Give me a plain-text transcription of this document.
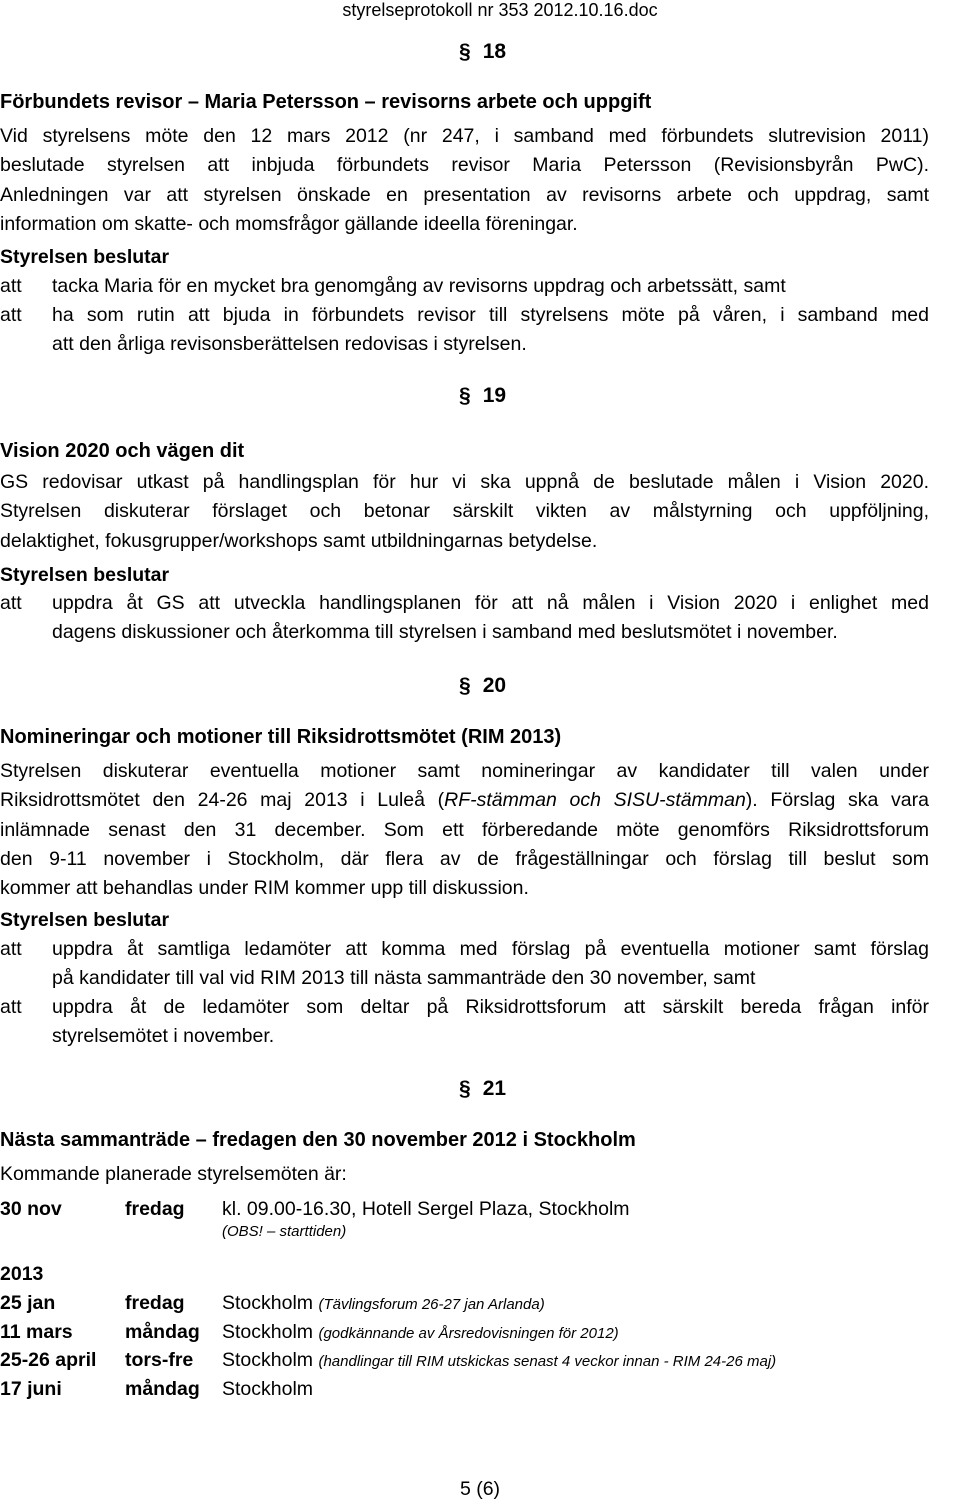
styrelseprotokoll nr 353 2012.10.16.doc
§ 18
Förbundets revisor – Maria Petersson – revisorns arbete och uppgift
Vid styrelsens möte den 12 mars 2012 (nr 247, i samband med förbundets slutrevision 2011)
beslutade styrelsen att inbjuda förbundets revisor Maria Petersson (Revisionsbyrån PwC).
Anledningen var att styrelsen önskade en presentation av revisorns arbete och uppdrag, samt
information om skatte- och momsfrågor gällande ideella föreningar.
Styrelsen beslutar
att	tacka Maria för en mycket bra genomgång av revisorns uppdrag och arbetssätt, samt
att	ha som rutin att bjuda in förbundets revisor till styrelsens möte på våren, i samband med
att den årliga revisonsberättelsen redovisas i styrelsen.
§ 19
Vision 2020 och vägen dit
GS redovisar utkast på handlingsplan för hur vi ska uppnå de beslutade målen i Vision 2020.
Styrelsen diskuterar förslaget och betonar särskilt vikten av målstyrning och uppföljning,
delaktighet, fokusgrupper/workshops samt utbildningarnas betydelse.
Styrelsen beslutar
att	uppdra åt GS att utveckla handlingsplanen för att nå målen i Vision 2020 i enlighet med
dagens diskussioner och återkomma till styrelsen i samband med beslutsmötet i november.
§ 20
Nomineringar och motioner till Riksidrottsmötet (RIM 2013)
Styrelsen diskuterar eventuella motioner samt nomineringar av kandidater till valen under
Riksidrottsmötet den 24-26 maj 2013 i Luleå (RF-stämman och SISU-stämman). Förslag ska vara
inlämnade senast den 31 december. Som ett förberedande möte genomförs Riksidrottsforum
den 9-11 november i Stockholm, där flera av de frågeställningar och förslag till beslut som
kommer att behandlas under RIM kommer upp till diskussion.
Styrelsen beslutar
att	uppdra åt samtliga ledamöter att komma med förslag på eventuella motioner samt förslag
på kandidater till val vid RIM 2013 till nästa sammanträde den 30 november, samt
att	uppdra åt de ledamöter som deltar på Riksidrottsforum att särskilt bereda frågan inför
styrelsemötet i november.
§ 21
Nästa sammanträde – fredagen den 30 november 2012 i Stockholm
Kommande planerade styrelsemöten är:
30 nov	fredag kl. 09.00-16.30, Hotell Sergel Plaza, Stockholm
(OBS! – starttiden)
2013
25 jan	fredag Stockholm (Tävlingsforum 26-27 jan Arlanda)
11 mars	måndag Stockholm (godkännande av Årsredovisningen för 2012)
25-26 april tors-fre Stockholm (handlingar till RIM utskickas senast 4 veckor innan - RIM 24-26 maj)
17 juni	måndag Stockholm
5 (6)
